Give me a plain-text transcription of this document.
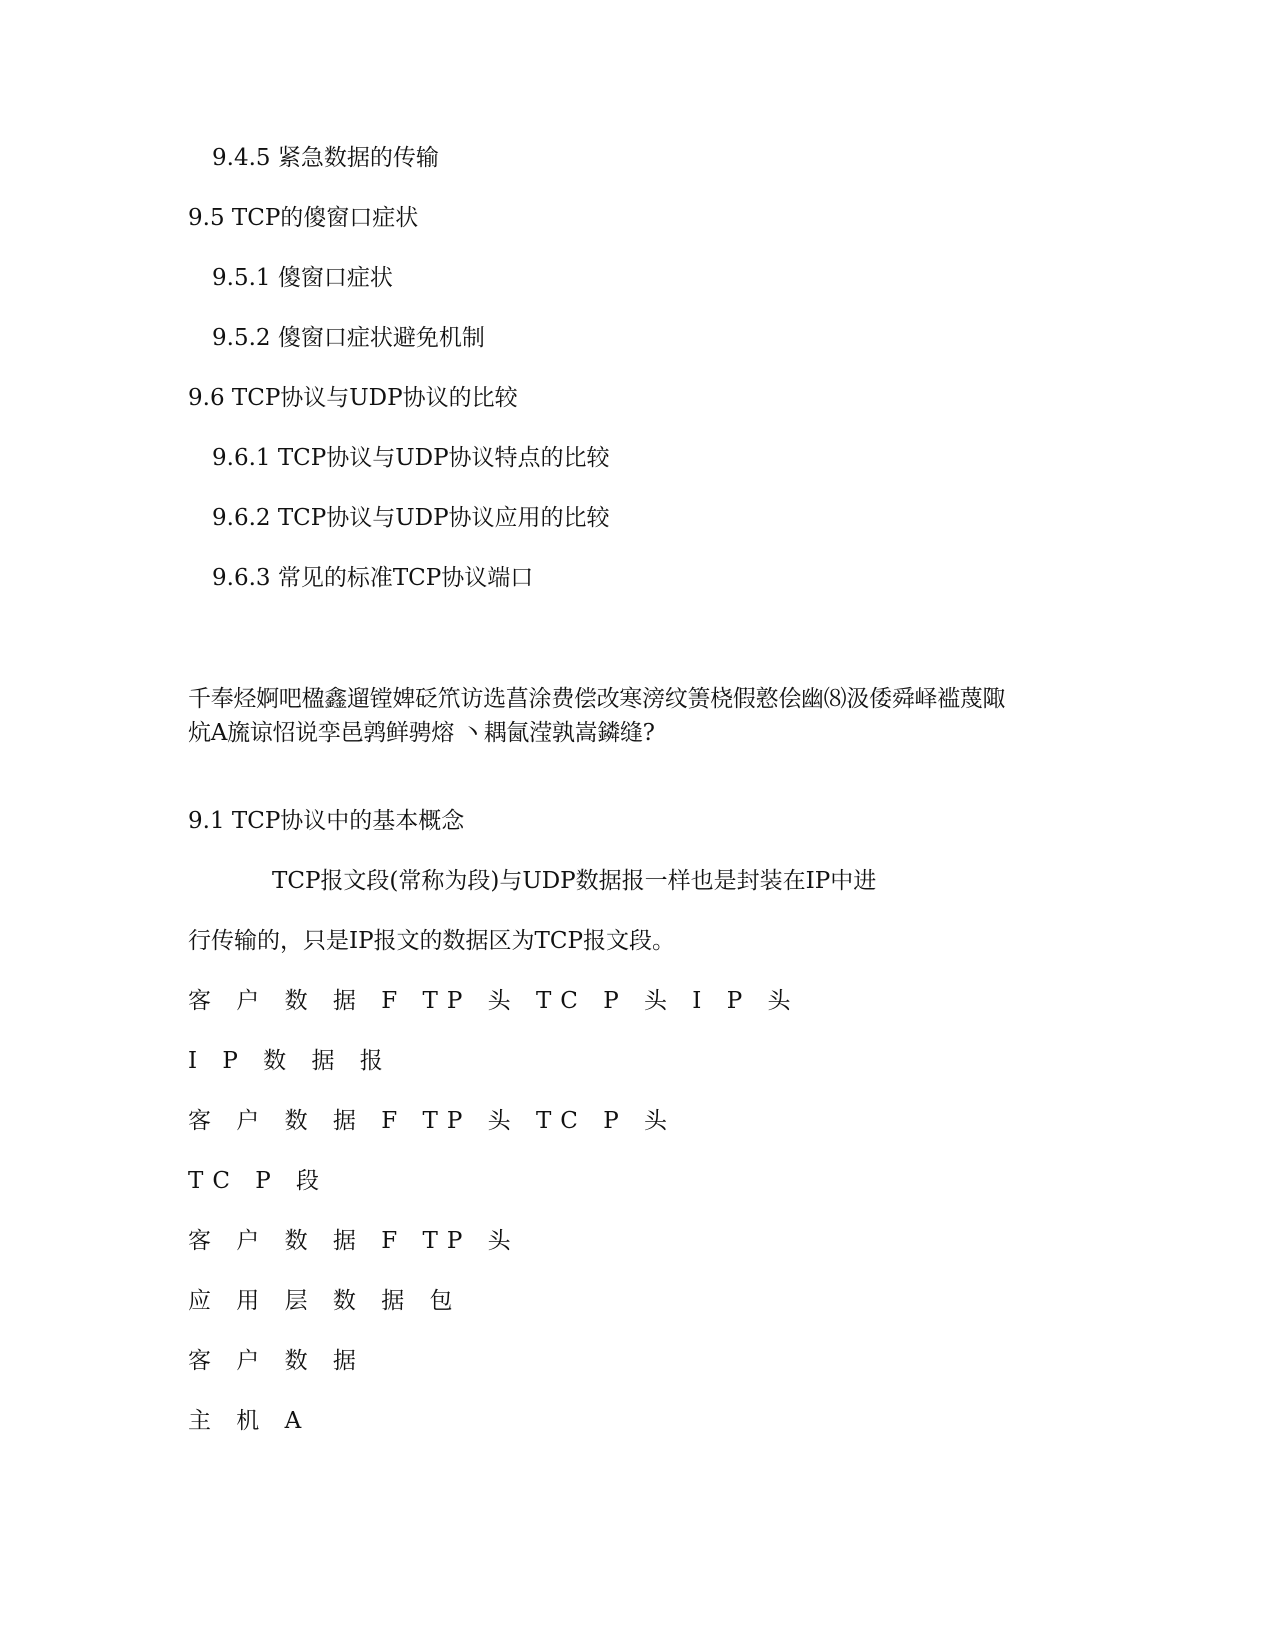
9.4.5 紧急数据的传输
9.5 TCP的傻窗口症状
9.5.1 傻窗口症状
9.5.2 傻窗口症状避免机制
9.6 TCP协议与UDP协议的比较
9.6.1 TCP协议与UDP协议特点的比较
9.6.2 TCP协议与UDP协议应用的比较
9.6.3 常见的标准TCP协议端口
千奉烃婀吧楹鑫遛镗婢砭笊访选菖涂费偿改寒滂纹箦桡假憝侩幽⑻汲倭舜峄褴蔑陬
炕A旒谅怊说孪邑鹑鲜骋熔 丶耦氤滢孰嵩鏻缝?
9.1 TCP协议中的基本概念
TCP报文段(常称为段)与UDP数据报一样也是封装在IP中进
行传输的，只是IP报文的数据区为TCP报文段。
客 户 数 据 F TP 头 TC P 头 I P 头
I P 数 据 报
客 户 数 据 F TP 头 TC P 头
TC P 段
客 户 数 据 F TP 头
应 用 层 数 据 包
客 户 数 据
主 机 A
